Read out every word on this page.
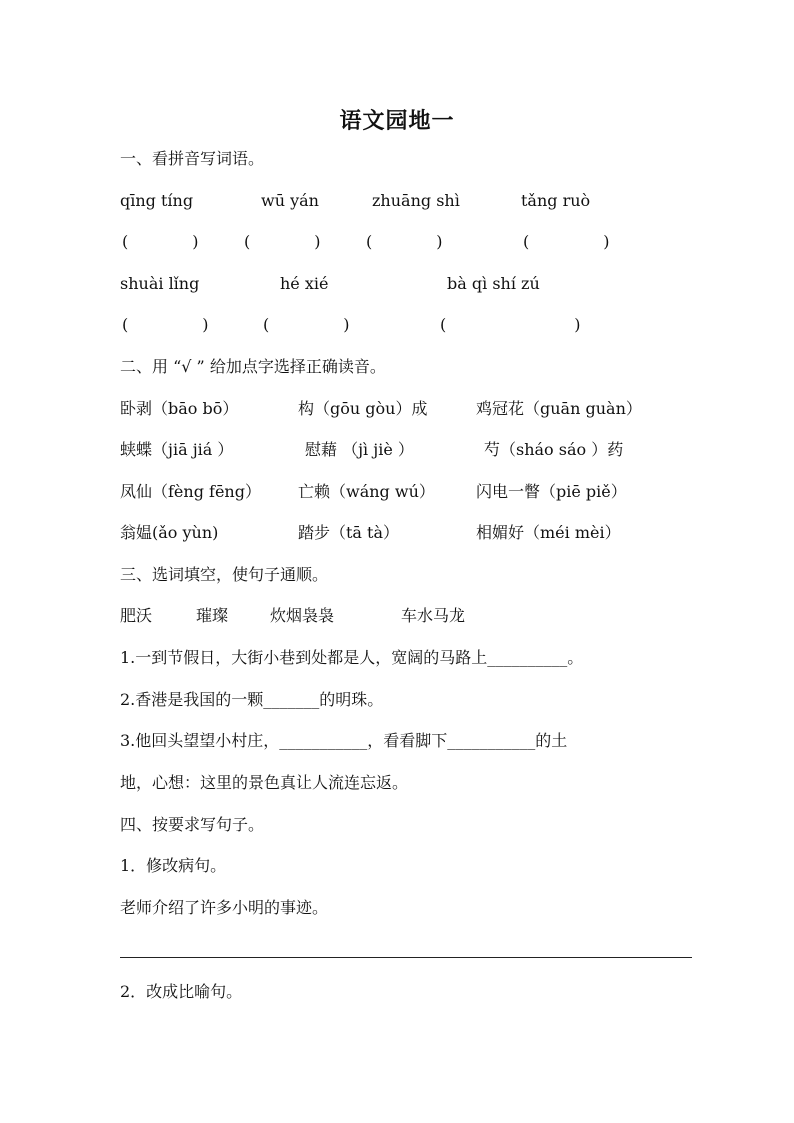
语文园地一
一、看拼音写词语。
qīng tíng	wū yán	zhuāng shì	tǎng ruò
(	)	(	)	(	)	(	)
shuài lǐng	hé xié	bà qì shí zú
(	)	(	)	(	)
二、用 “√ ” 给加点字选择正确读音。
卧剥（bāo bō）	构（gōu gòu）成	鸡冠花（guān guàn）
蛱蝶（jiā jiá ）	慰藉 （jì jiè ）	芍（sháo sáo ）药
凤仙（fèng fēng） 亡赖（wáng wú）	闪电一瞥（piē piě）
翁媪(ǎo yùn)	踏步（tā tà）	相媚好（méi mèi）
三、选词填空，使句子通顺。
肥沃	璀璨	炊烟袅袅	车水马龙
1.一到节假日，大街小巷到处都是人，宽阔的马路上__________。
2.香港是我国的一颗_______的明珠。
3.他回头望望小村庄，___________，看看脚下___________的土
地，心想：这里的景色真让人流连忘返。
四、按要求写句子。
1．修改病句。
老师介绍了许多小明的事迹。
2．改成比喻句。
